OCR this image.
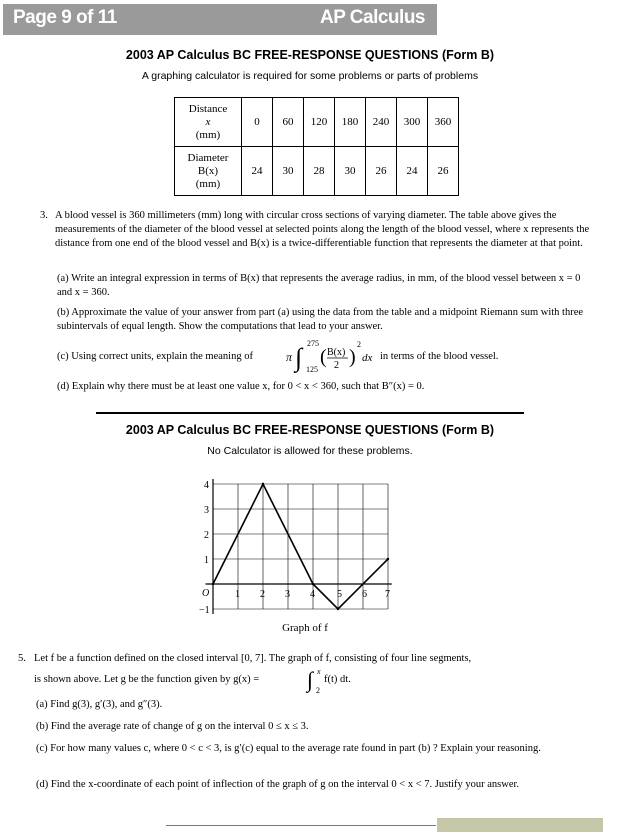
Page 9 of 11	AP Calculus
2003 AP Calculus BC FREE-RESPONSE QUESTIONS (Form B)
A graphing calculator is required for some problems or parts of problems
Distance
x
(mm)	0	60	120	180	240	300	360

Diameter
B(x)
(mm)	24	30	28	30	26	24	26
3. A blood vessel is 360 millimeters (mm) long with circular cross sections of varying diameter. The table above gives the measurements of the diameter of the blood vessel at selected points along the length of the blood vessel, where x represents the distance from one end of the blood vessel and B(x) is a twice-differentiable function that represents the diameter at that point.
(a) Write an integral expression in terms of B(x) that represents the average radius, in mm, of the blood vessel between x = 0 and x = 360.
(b) Approximate the value of your answer from part (a) using the data from the table and a midpoint Riemann sum with three subintervals of equal length. Show the computations that lead to your answer.
(c) Using correct units, explain the meaning of	π ∫ 275
125
( B(x)
2 )
2
dx in terms of the blood vessel.
(d) Explain why there must be at least one value x, for 0 < x < 360, such that B″(x) = 0.
2003 AP Calculus BC FREE-RESPONSE QUESTIONS (Form B)
No Calculator is allowed for these problems.
1 2 3 4 5 6 7
4
3
2
1
−1
O
Graph of f
5. Let f be a function defined on the closed interval [0, 7]. The graph of f, consisting of four line segments,
is shown above. Let g be the function given by g(x) = ∫ x
2
f(t) dt.
(a) Find g(3), g′(3), and g″(3).
(b) Find the average rate of change of g on the interval 0 ≤ x ≤ 3.
(c) For how many values c, where 0 < c < 3, is g′(c) equal to the average rate found in part (b) ? Explain your reasoning.
(d) Find the x-coordinate of each point of inflection of the graph of g on the interval 0 < x < 7. Justify your answer.
